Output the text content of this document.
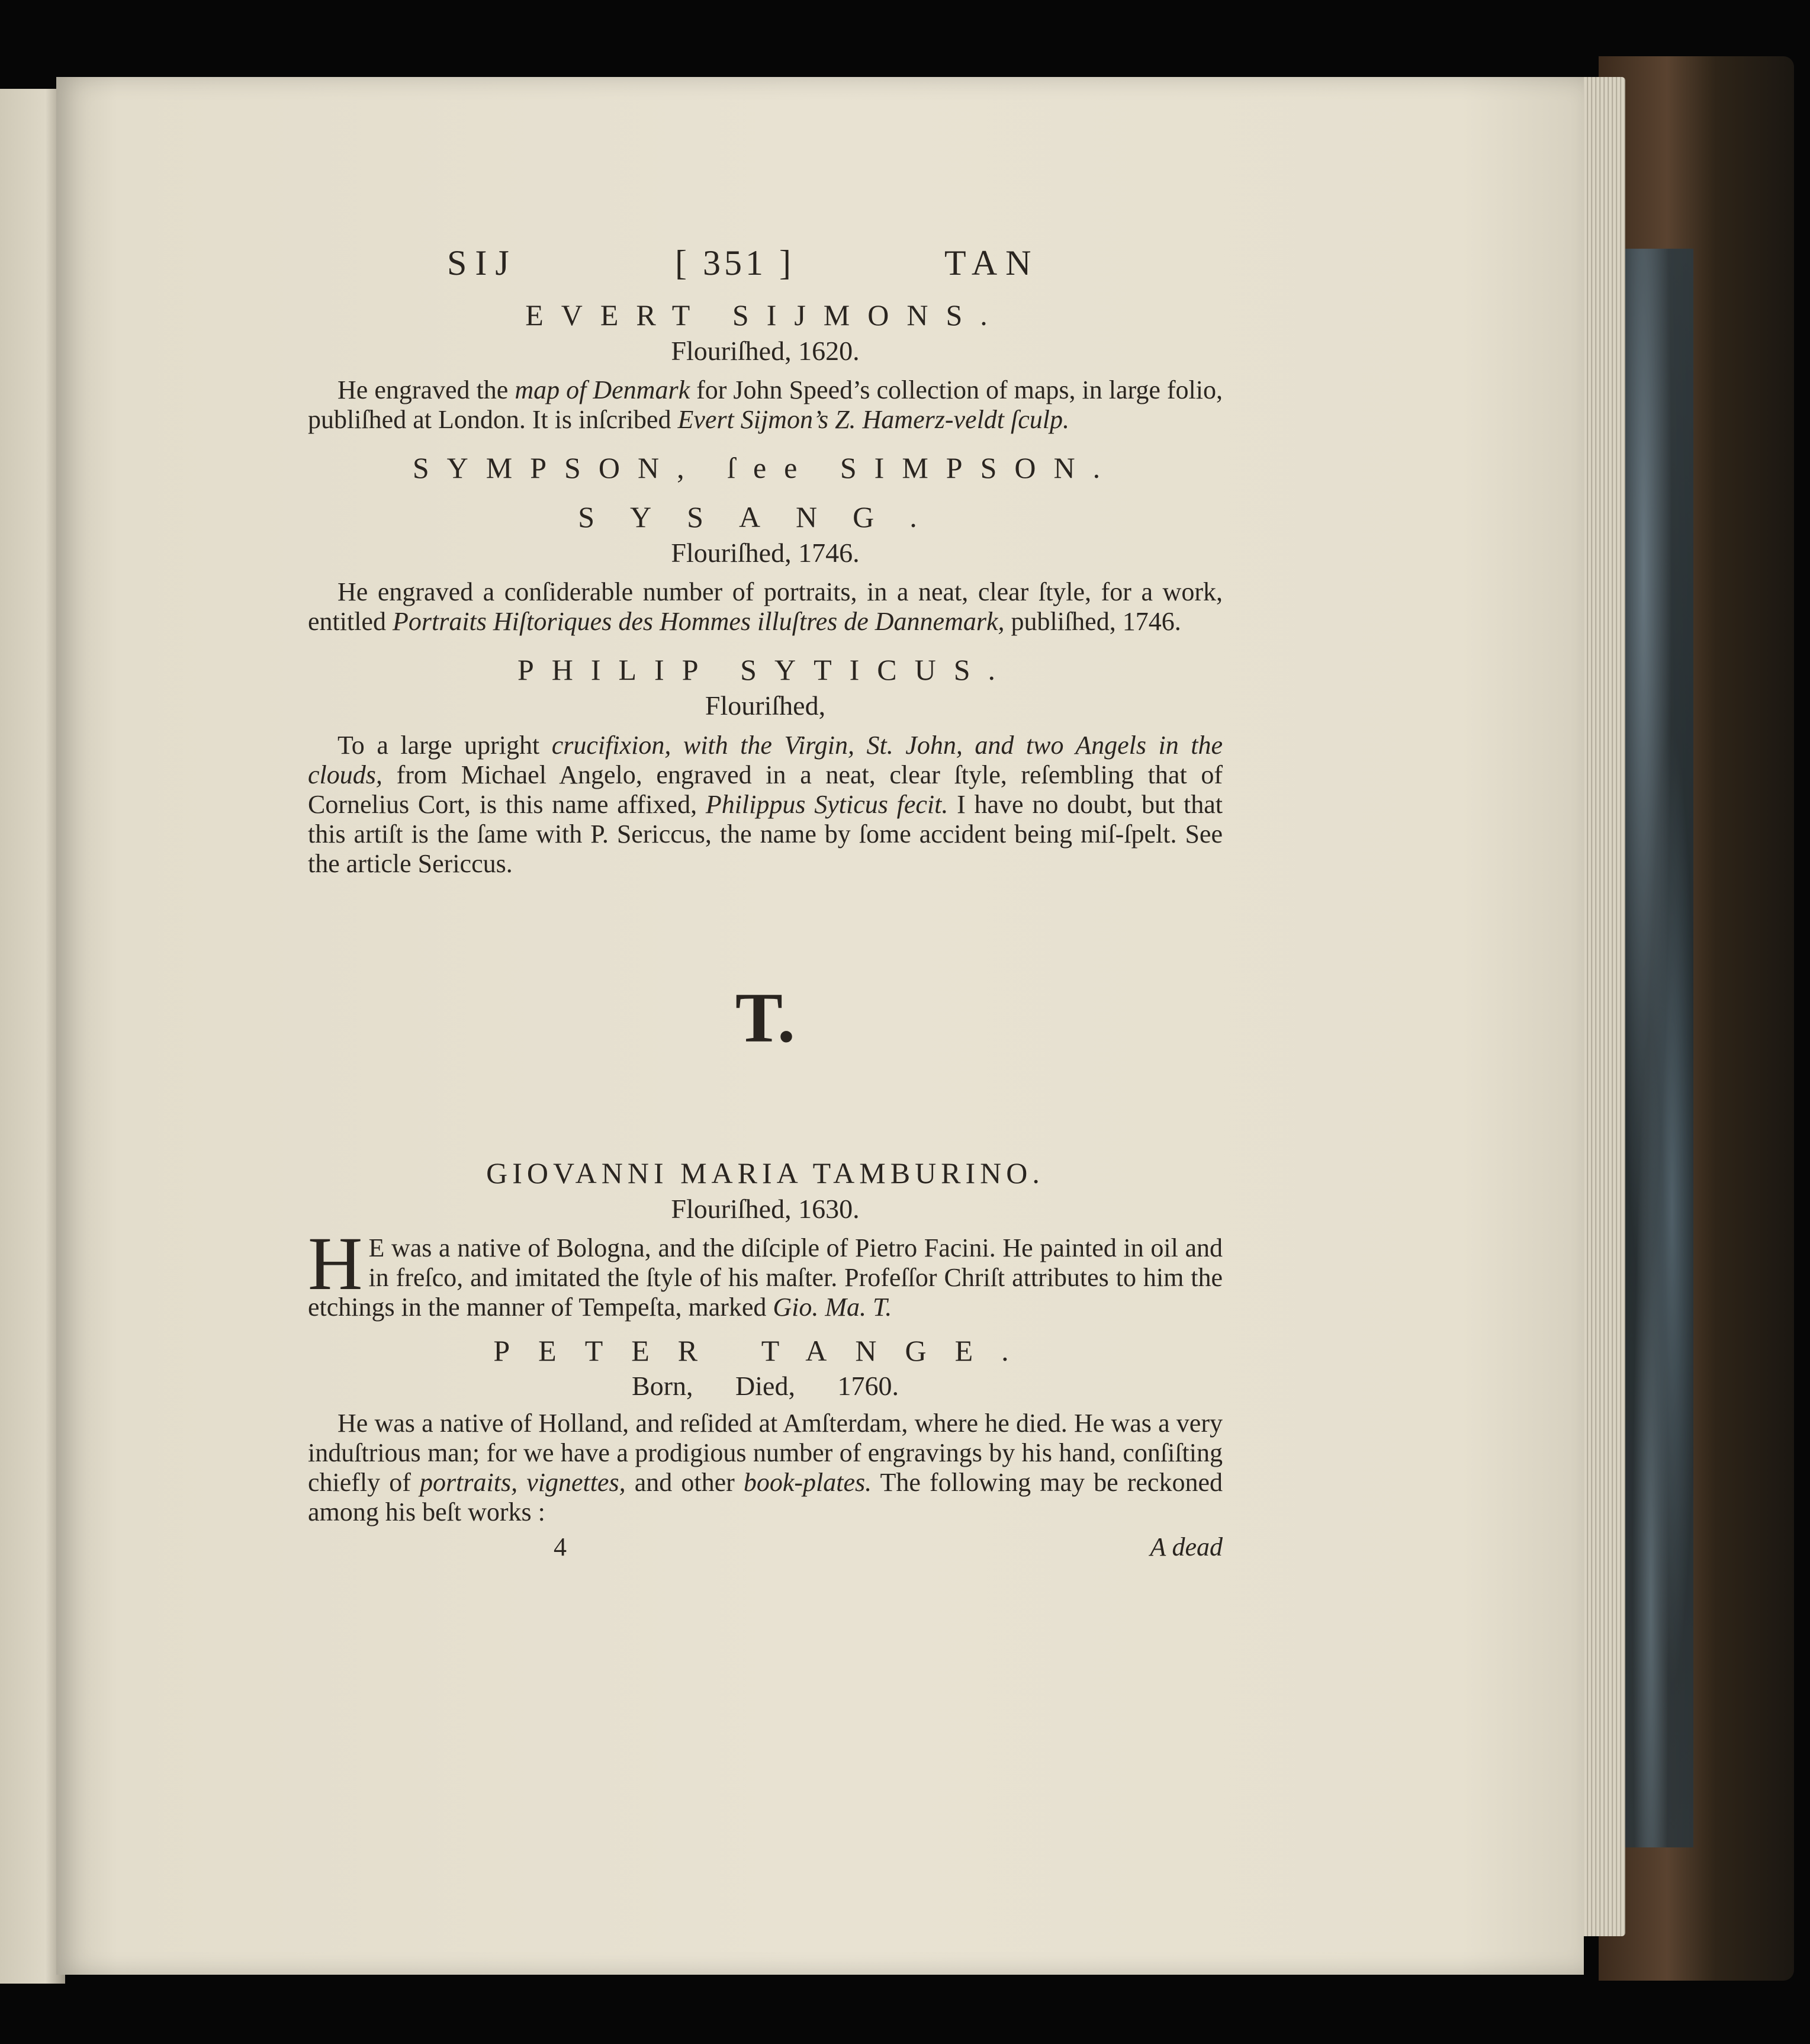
SIJ	[ 351 ]	TAN

EVERT SIJMONS.

Flouriſhed, 1620.

He engraved the map of Denmark for John Speed’s collection of maps, in large folio, publiſhed at London. It is inſcribed Evert Sijmon’s Z. Hamerz-veldt ſculp.

SYMPSON, ſee SIMPSON.

SYSANG.

Flouriſhed, 1746.

He engraved a conſiderable number of portraits, in a neat, clear ſtyle, for a work, entitled Portraits Hiſtoriques des Hommes illuſtres de Dannemark, publiſhed, 1746.

PHILIP SYTICUS.

Flouriſhed,

To a large upright crucifixion, with the Virgin, St. John, and two Angels in the clouds, from Michael Angelo, engraved in a neat, clear ſtyle, reſembling that of Cornelius Cort, is this name affixed, Philippus Syticus fecit. I have no doubt, but that this artiſt is the ſame with P. Sericcus, the name by ſome accident being miſ-ſpelt. See the article Sericcus.

T.

GIOVANNI MARIA TAMBURINO.

Flouriſhed, 1630.

H E was a native of Bologna, and the diſciple of Pietro Facini. He painted in oil and in freſco, and imitated the ſtyle of his maſter. Profeſſor Chriſt attributes to him the etchings in the manner of Tempeſta, marked Gio. Ma. T.

PETER TANGE.

Born, Died, 1760.

He was a native of Holland, and reſided at Amſterdam, where he died. He was a very induſtrious man; for we have a prodigious number of engravings by his hand, conſiſting chiefly of portraits, vignettes, and other book-plates. The following may be reckoned among his beſt works :

4	A dead
